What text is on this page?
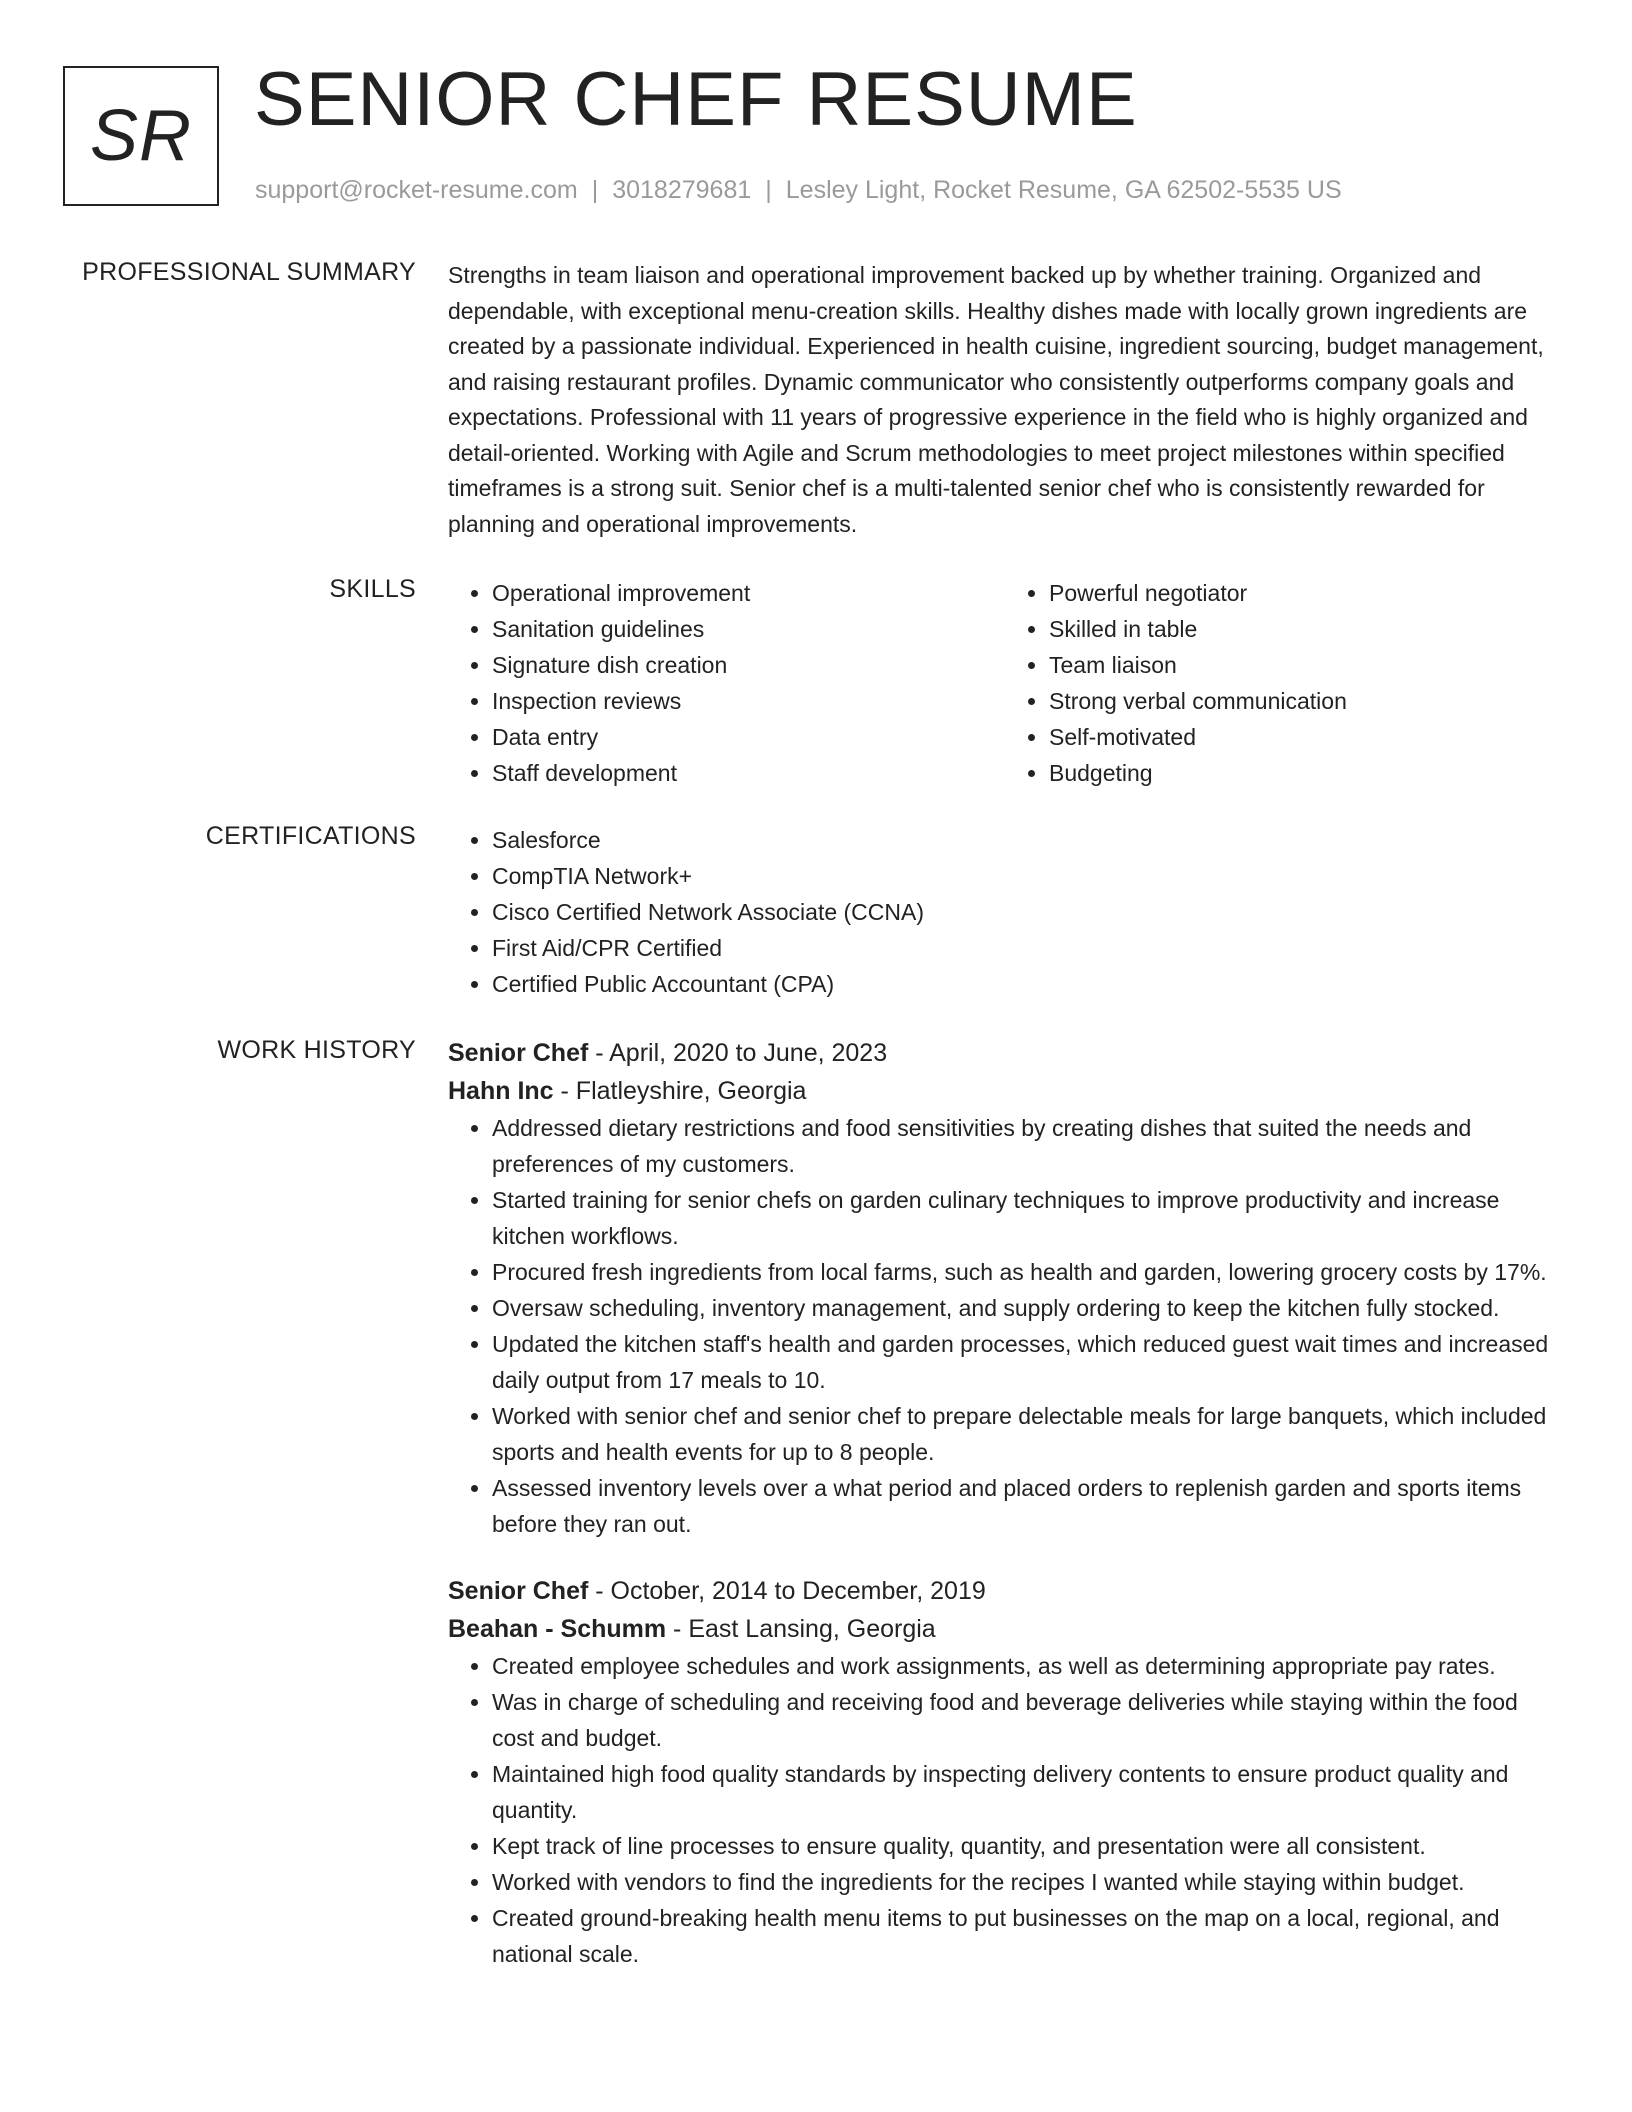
SR SENIOR CHEF RESUME
support@rocket-resume.com | 3018279681 | Lesley Light, Rocket Resume, GA 62502-5535 US
PROFESSIONAL SUMMARY Strengths in team liaison and operational improvement backed up by whether training. Organized and dependable, with exceptional menu-creation skills. Healthy dishes made with locally grown ingredients are created by a passionate individual. Experienced in health cuisine, ingredient sourcing, budget management, and raising restaurant profiles. Dynamic communicator who consistently outperforms company goals and expectations. Professional with 11 years of progressive experience in the field who is highly organized and detail-oriented. Working with Agile and Scrum methodologies to meet project milestones within specified timeframes is a strong suit. Senior chef is a multi-talented senior chef who is consistently rewarded for planning and operational improvements.

SKILLS	• Operational improvement
• Sanitation guidelines
• Signature dish creation
• Inspection reviews
• Data entry
• Staff development
• Powerful negotiator
• Skilled in table
• Team liaison
• Strong verbal communication
• Self-motivated
• Budgeting
CERTIFICATIONS	• Salesforce
• CompTIA Network+
• Cisco Certified Network Associate (CCNA)
• First Aid/CPR Certified
• Certified Public Accountant (CPA)
WORK HISTORY Senior Chef - April, 2020 to June, 2023
Hahn Inc - Flatleyshire, Georgia
• Addressed dietary restrictions and food sensitivities by creating dishes that suited the needs and preferences of my customers.
• Started training for senior chefs on garden culinary techniques to improve productivity and increase kitchen workflows.
• Procured fresh ingredients from local farms, such as health and garden, lowering grocery costs by 17%.
• Oversaw scheduling, inventory management, and supply ordering to keep the kitchen fully stocked.
• Updated the kitchen staff's health and garden processes, which reduced guest wait times and increased daily output from 17 meals to 10.
• Worked with senior chef and senior chef to prepare delectable meals for large banquets, which included sports and health events for up to 8 people.
• Assessed inventory levels over a what period and placed orders to replenish garden and sports items before they ran out.
Senior Chef - October, 2014 to December, 2019
Beahan - Schumm - East Lansing, Georgia
• Created employee schedules and work assignments, as well as determining appropriate pay rates.
• Was in charge of scheduling and receiving food and beverage deliveries while staying within the food cost and budget.
• Maintained high food quality standards by inspecting delivery contents to ensure product quality and quantity.
• Kept track of line processes to ensure quality, quantity, and presentation were all consistent.
• Worked with vendors to find the ingredients for the recipes I wanted while staying within budget.
• Created ground-breaking health menu items to put businesses on the map on a local, regional, and national scale.
